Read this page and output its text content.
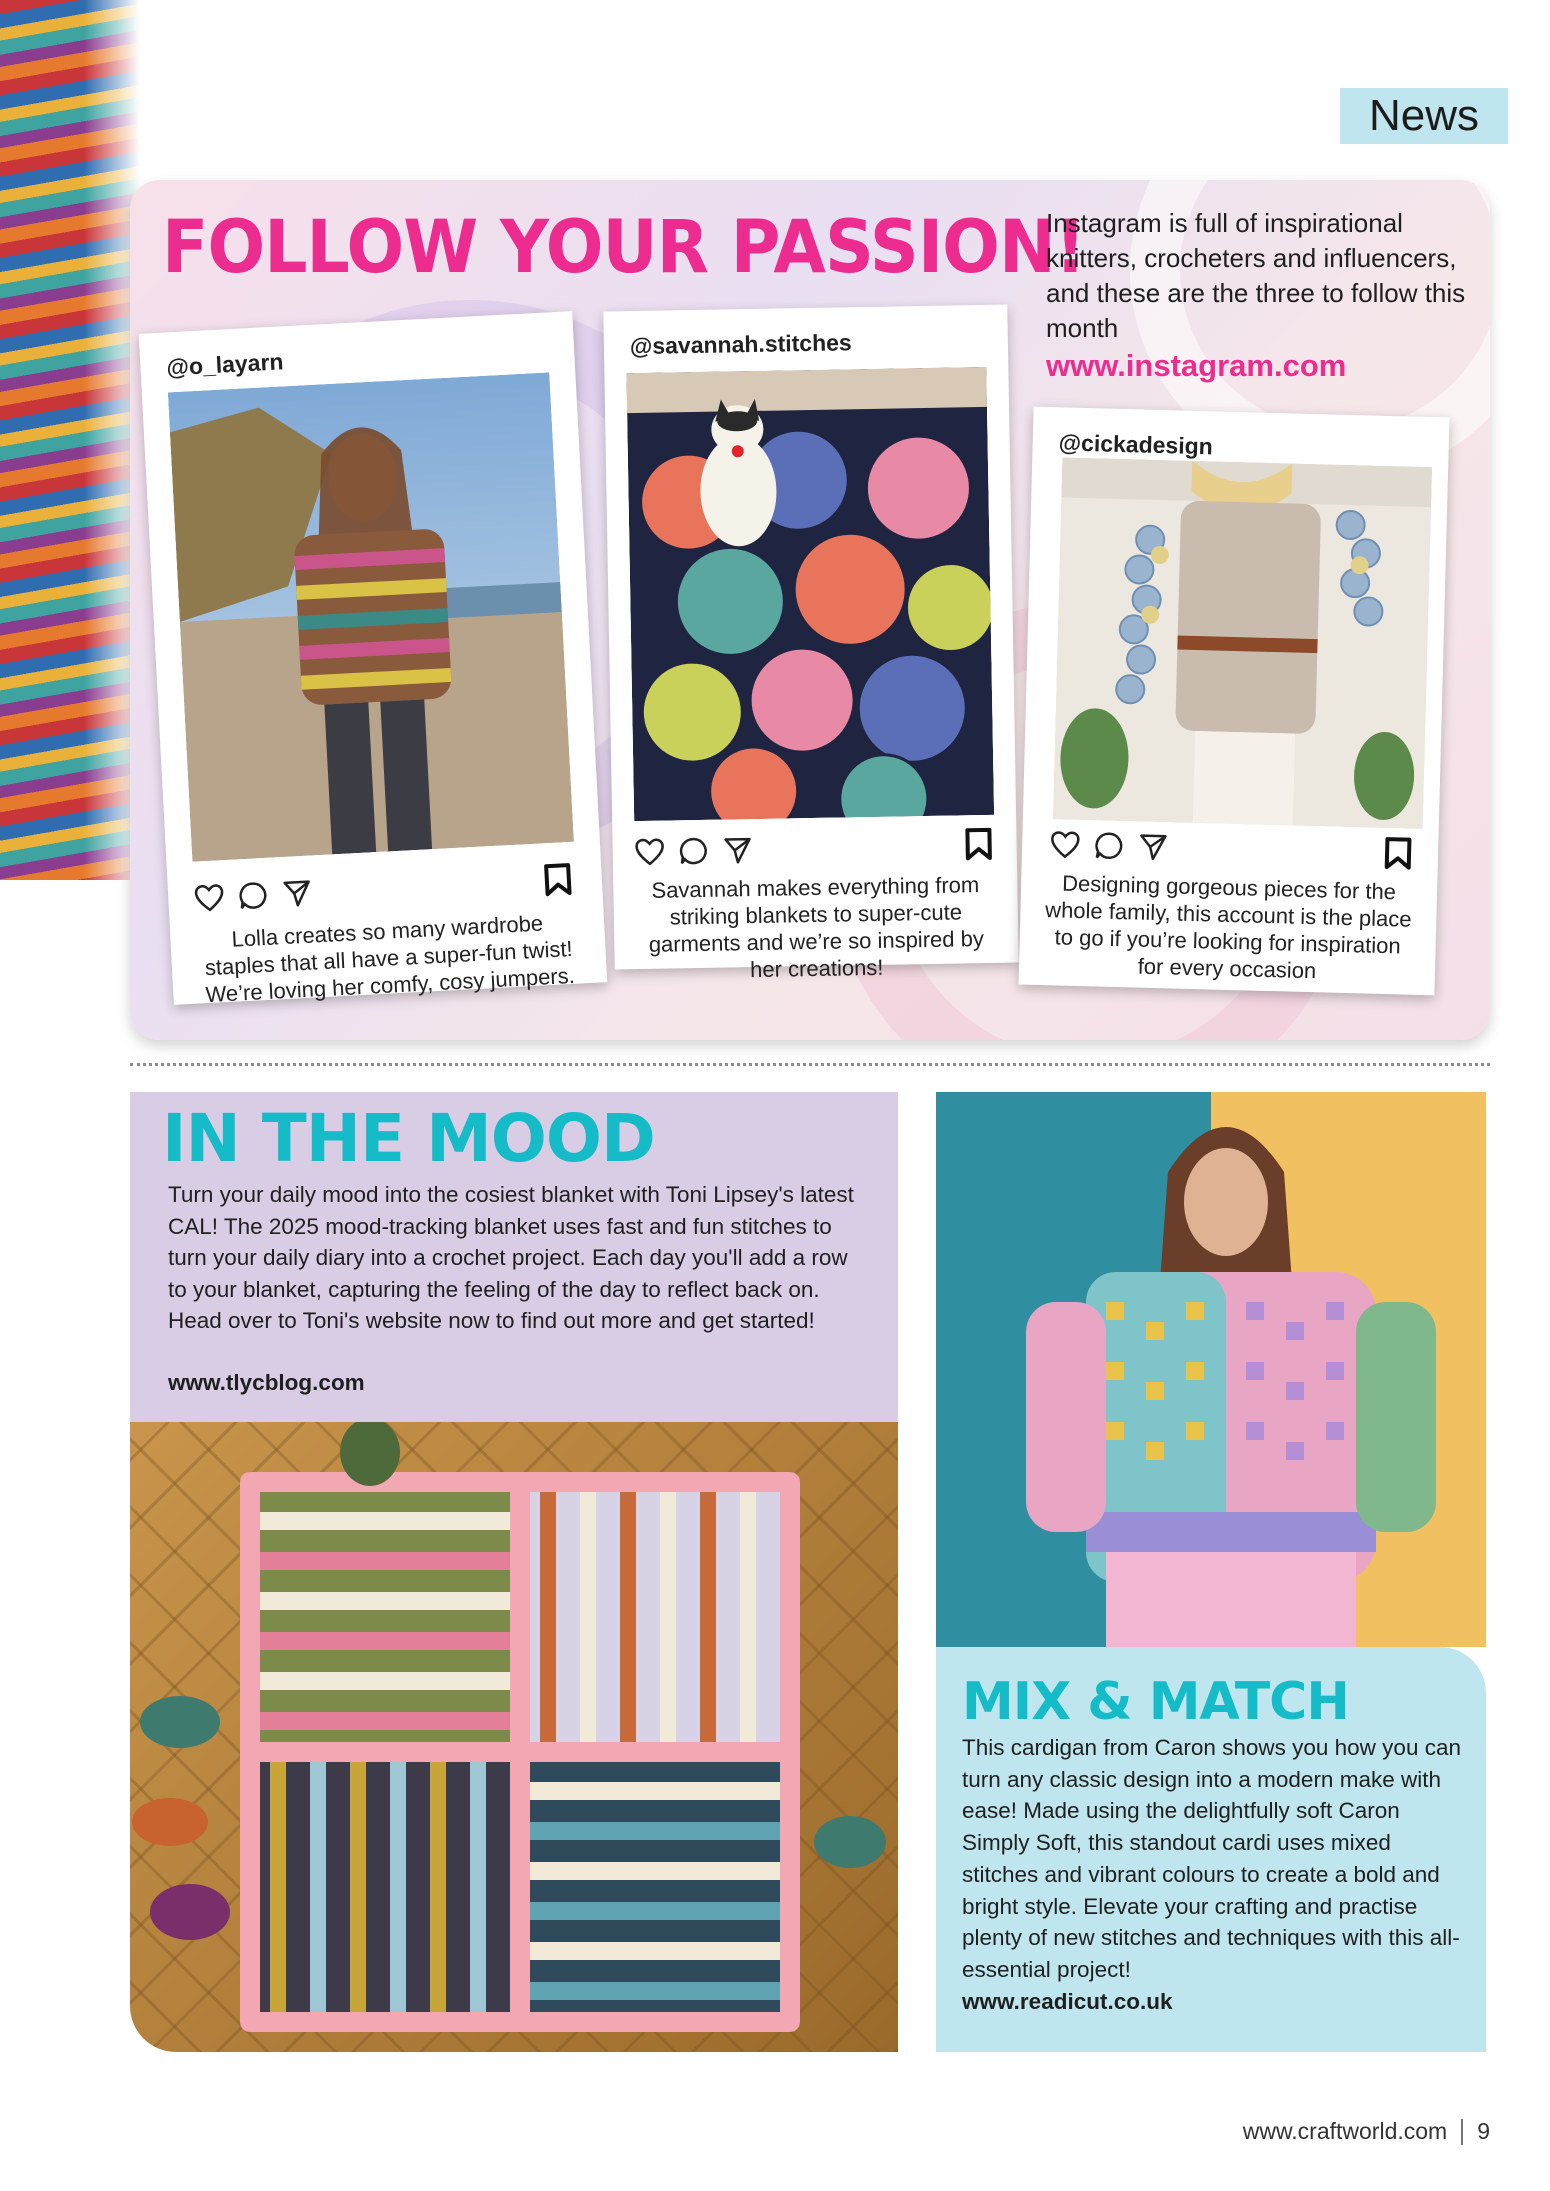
News
FOLLOW YOUR PASSION!
Instagram is full of inspirational knitters, crocheters and influencers, and these are the three to follow this month
www.instagram.com
@o_layarn
Lolla creates so many wardrobe staples that all have a super-fun twist! We’re loving her comfy, cosy jumpers.
@savannah.stitches
Savannah makes everything from striking blankets to super-cute garments and we’re so inspired by her creations!
@cickadesign
Designing gorgeous pieces for the whole family, this account is the place to go if you’re looking for inspiration for every occasion
IN THE MOOD
Turn your daily mood into the cosiest blanket with Toni Lipsey's latest CAL! The 2025 mood-tracking blanket uses fast and fun stitches to turn your daily diary into a crochet project. Each day you'll add a row to your blanket, capturing the feeling of the day to reflect back on. Head over to Toni's website now to find out more and get started!
www.tlycblog.com
MIX & MATCH
This cardigan from Caron shows you how you can turn any classic design into a modern make with ease! Made using the delightfully soft Caron Simply Soft, this standout cardi uses mixed stitches and vibrant colours to create a bold and bright style. Elevate your crafting and practise plenty of new stitches and techniques with this all-essential project!
www.readicut.co.uk
www.craftworld.com 9
